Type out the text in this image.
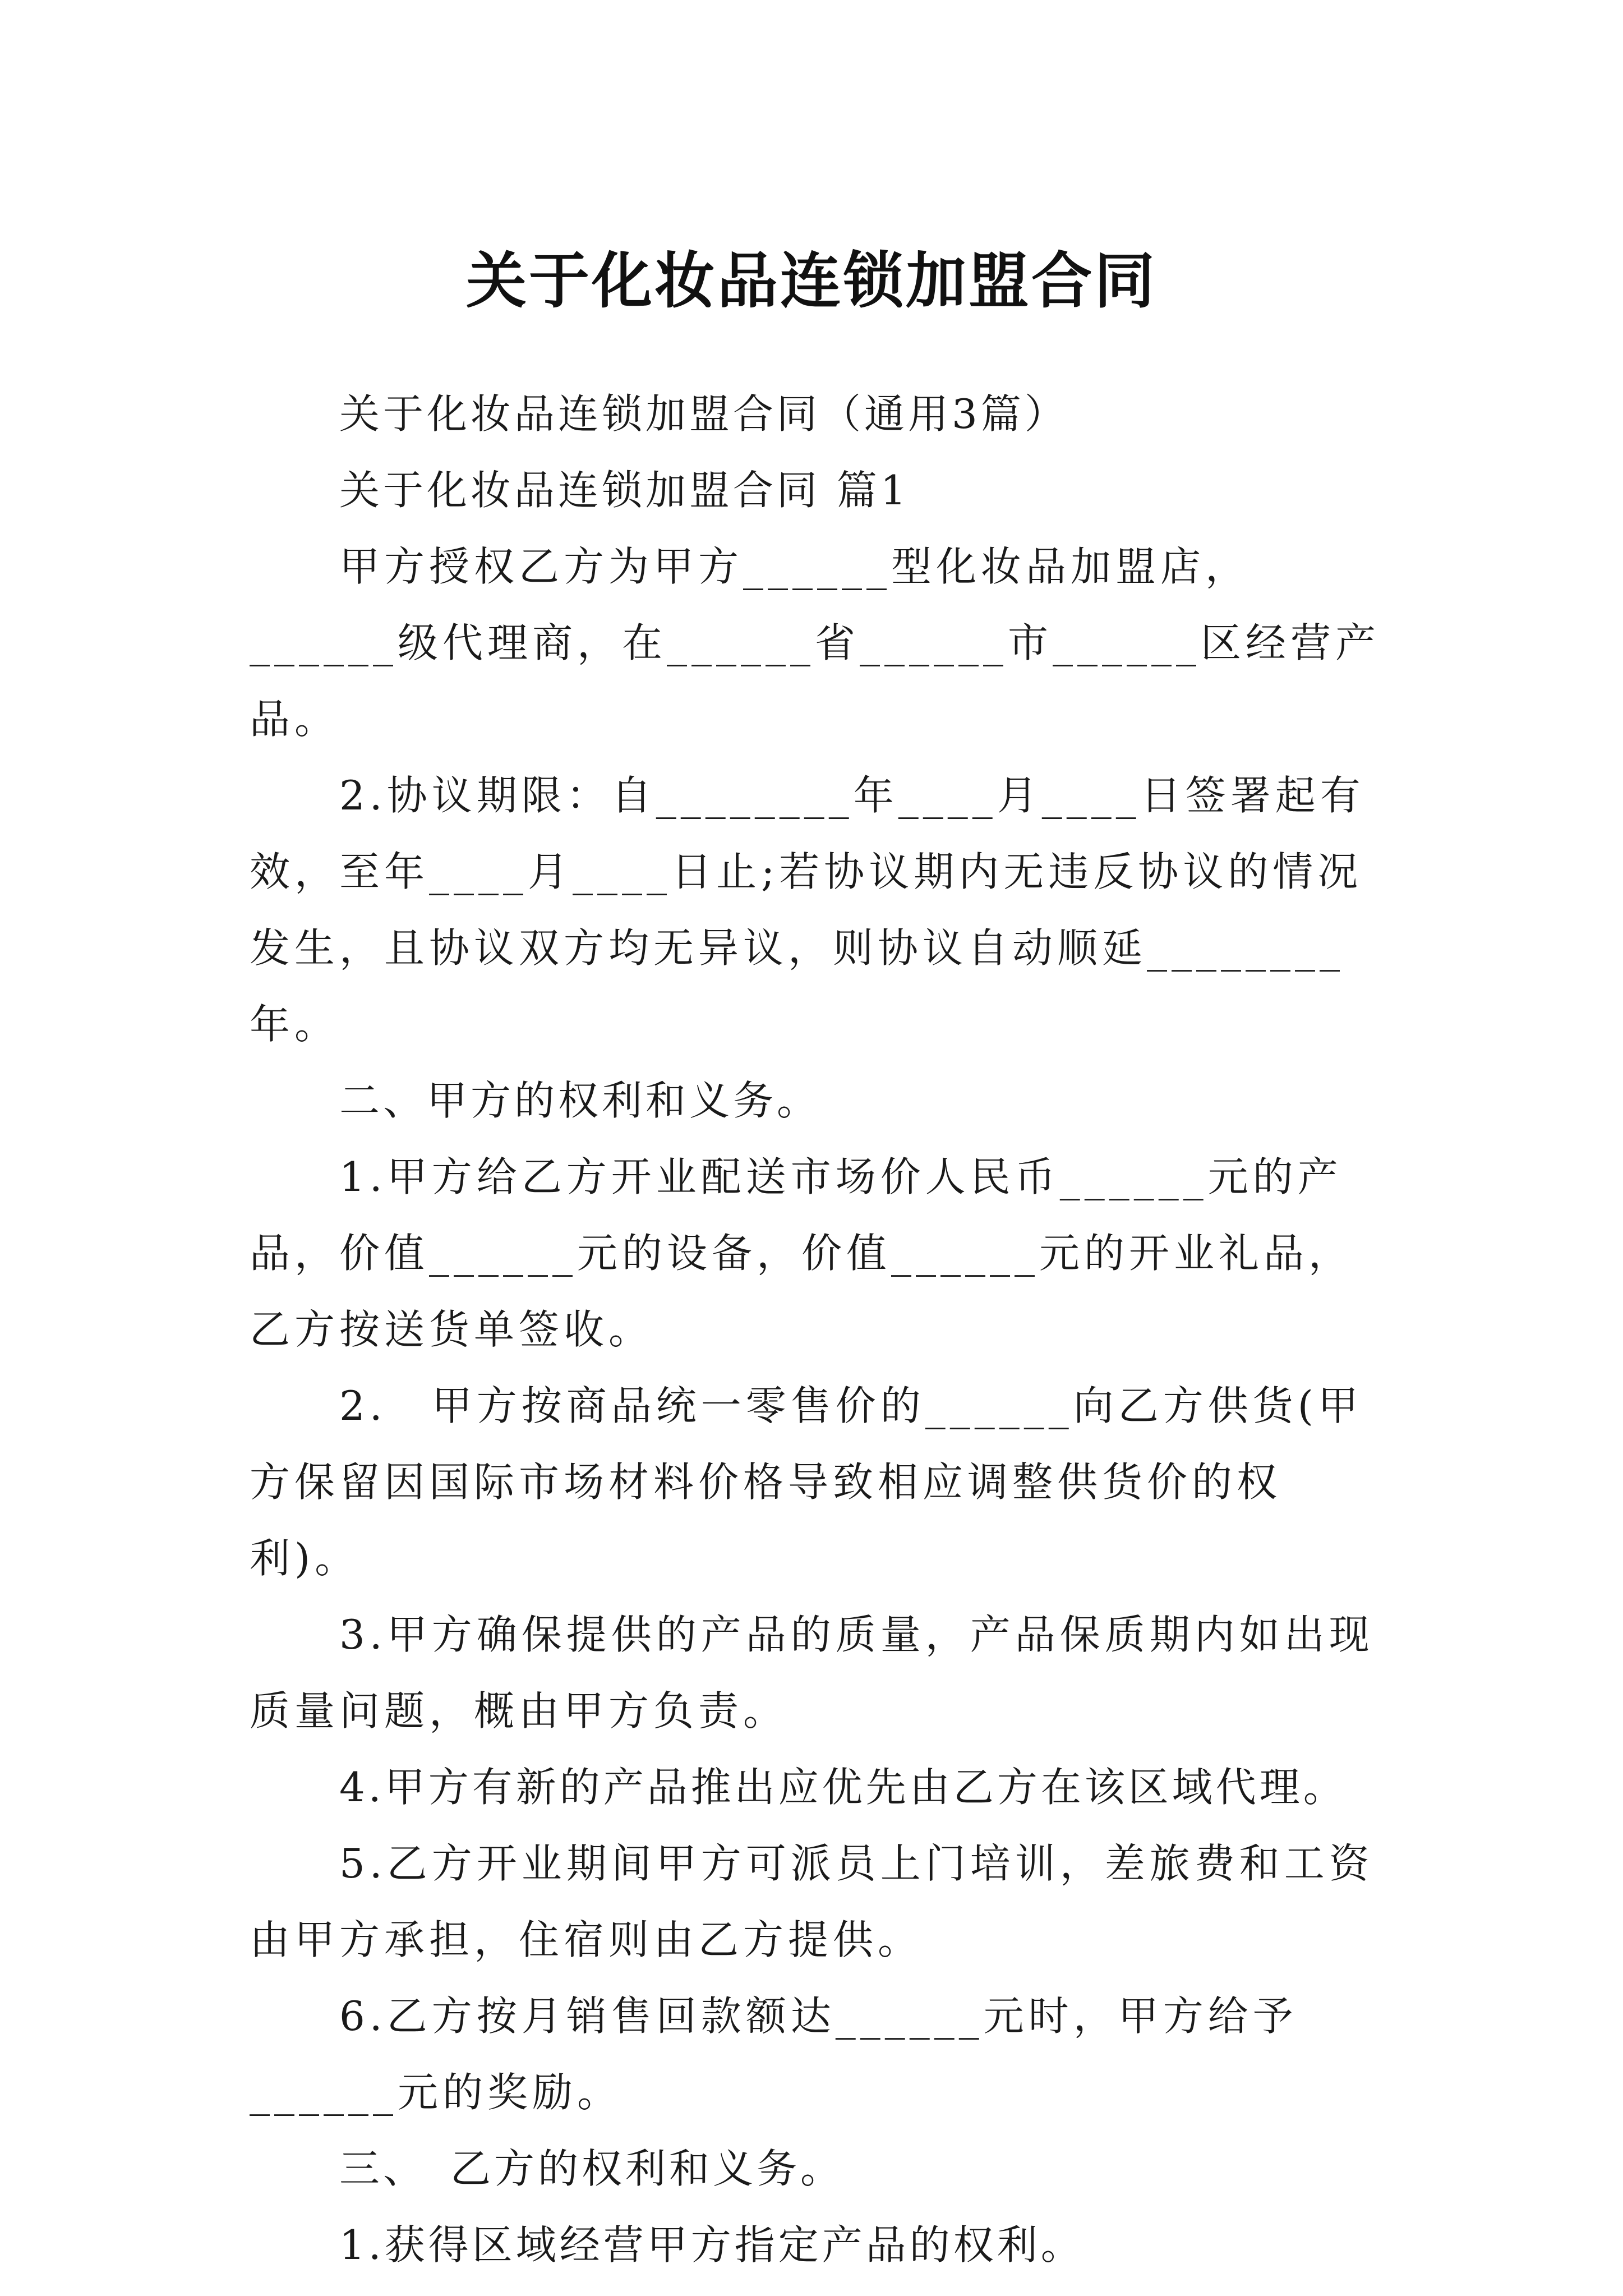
关于化妆品连锁加盟合同

关于化妆品连锁加盟合同（通用3篇）

关于化妆品连锁加盟合同 篇1

甲方授权乙方为甲方______型化妆品加盟店，______级代理商，在______省______市______区经营产品。

2.协议期限：自________年____月____日签署起有效，至年____月____日止;若协议期内无违反协议的情况发生，且协议双方均无异议，则协议自动顺延________年。

二、甲方的权利和义务。

1.甲方给乙方开业配送市场价人民币______元的产品，价值______元的设备，价值______元的开业礼品，乙方按送货单签收。

2.　甲方按商品统一零售价的______向乙方供货(甲方保留因国际市场材料价格导致相应调整供货价的权利)。

3.甲方确保提供的产品的质量，产品保质期内如出现质量问题，概由甲方负责。

4.甲方有新的产品推出应优先由乙方在该区域代理。

5.乙方开业期间甲方可派员上门培训，差旅费和工资由甲方承担，住宿则由乙方提供。

6.乙方按月销售回款额达______元时，甲方给予______元的奖励。

三、　乙方的权利和义务。

1.获得区域经营甲方指定产品的权利。
